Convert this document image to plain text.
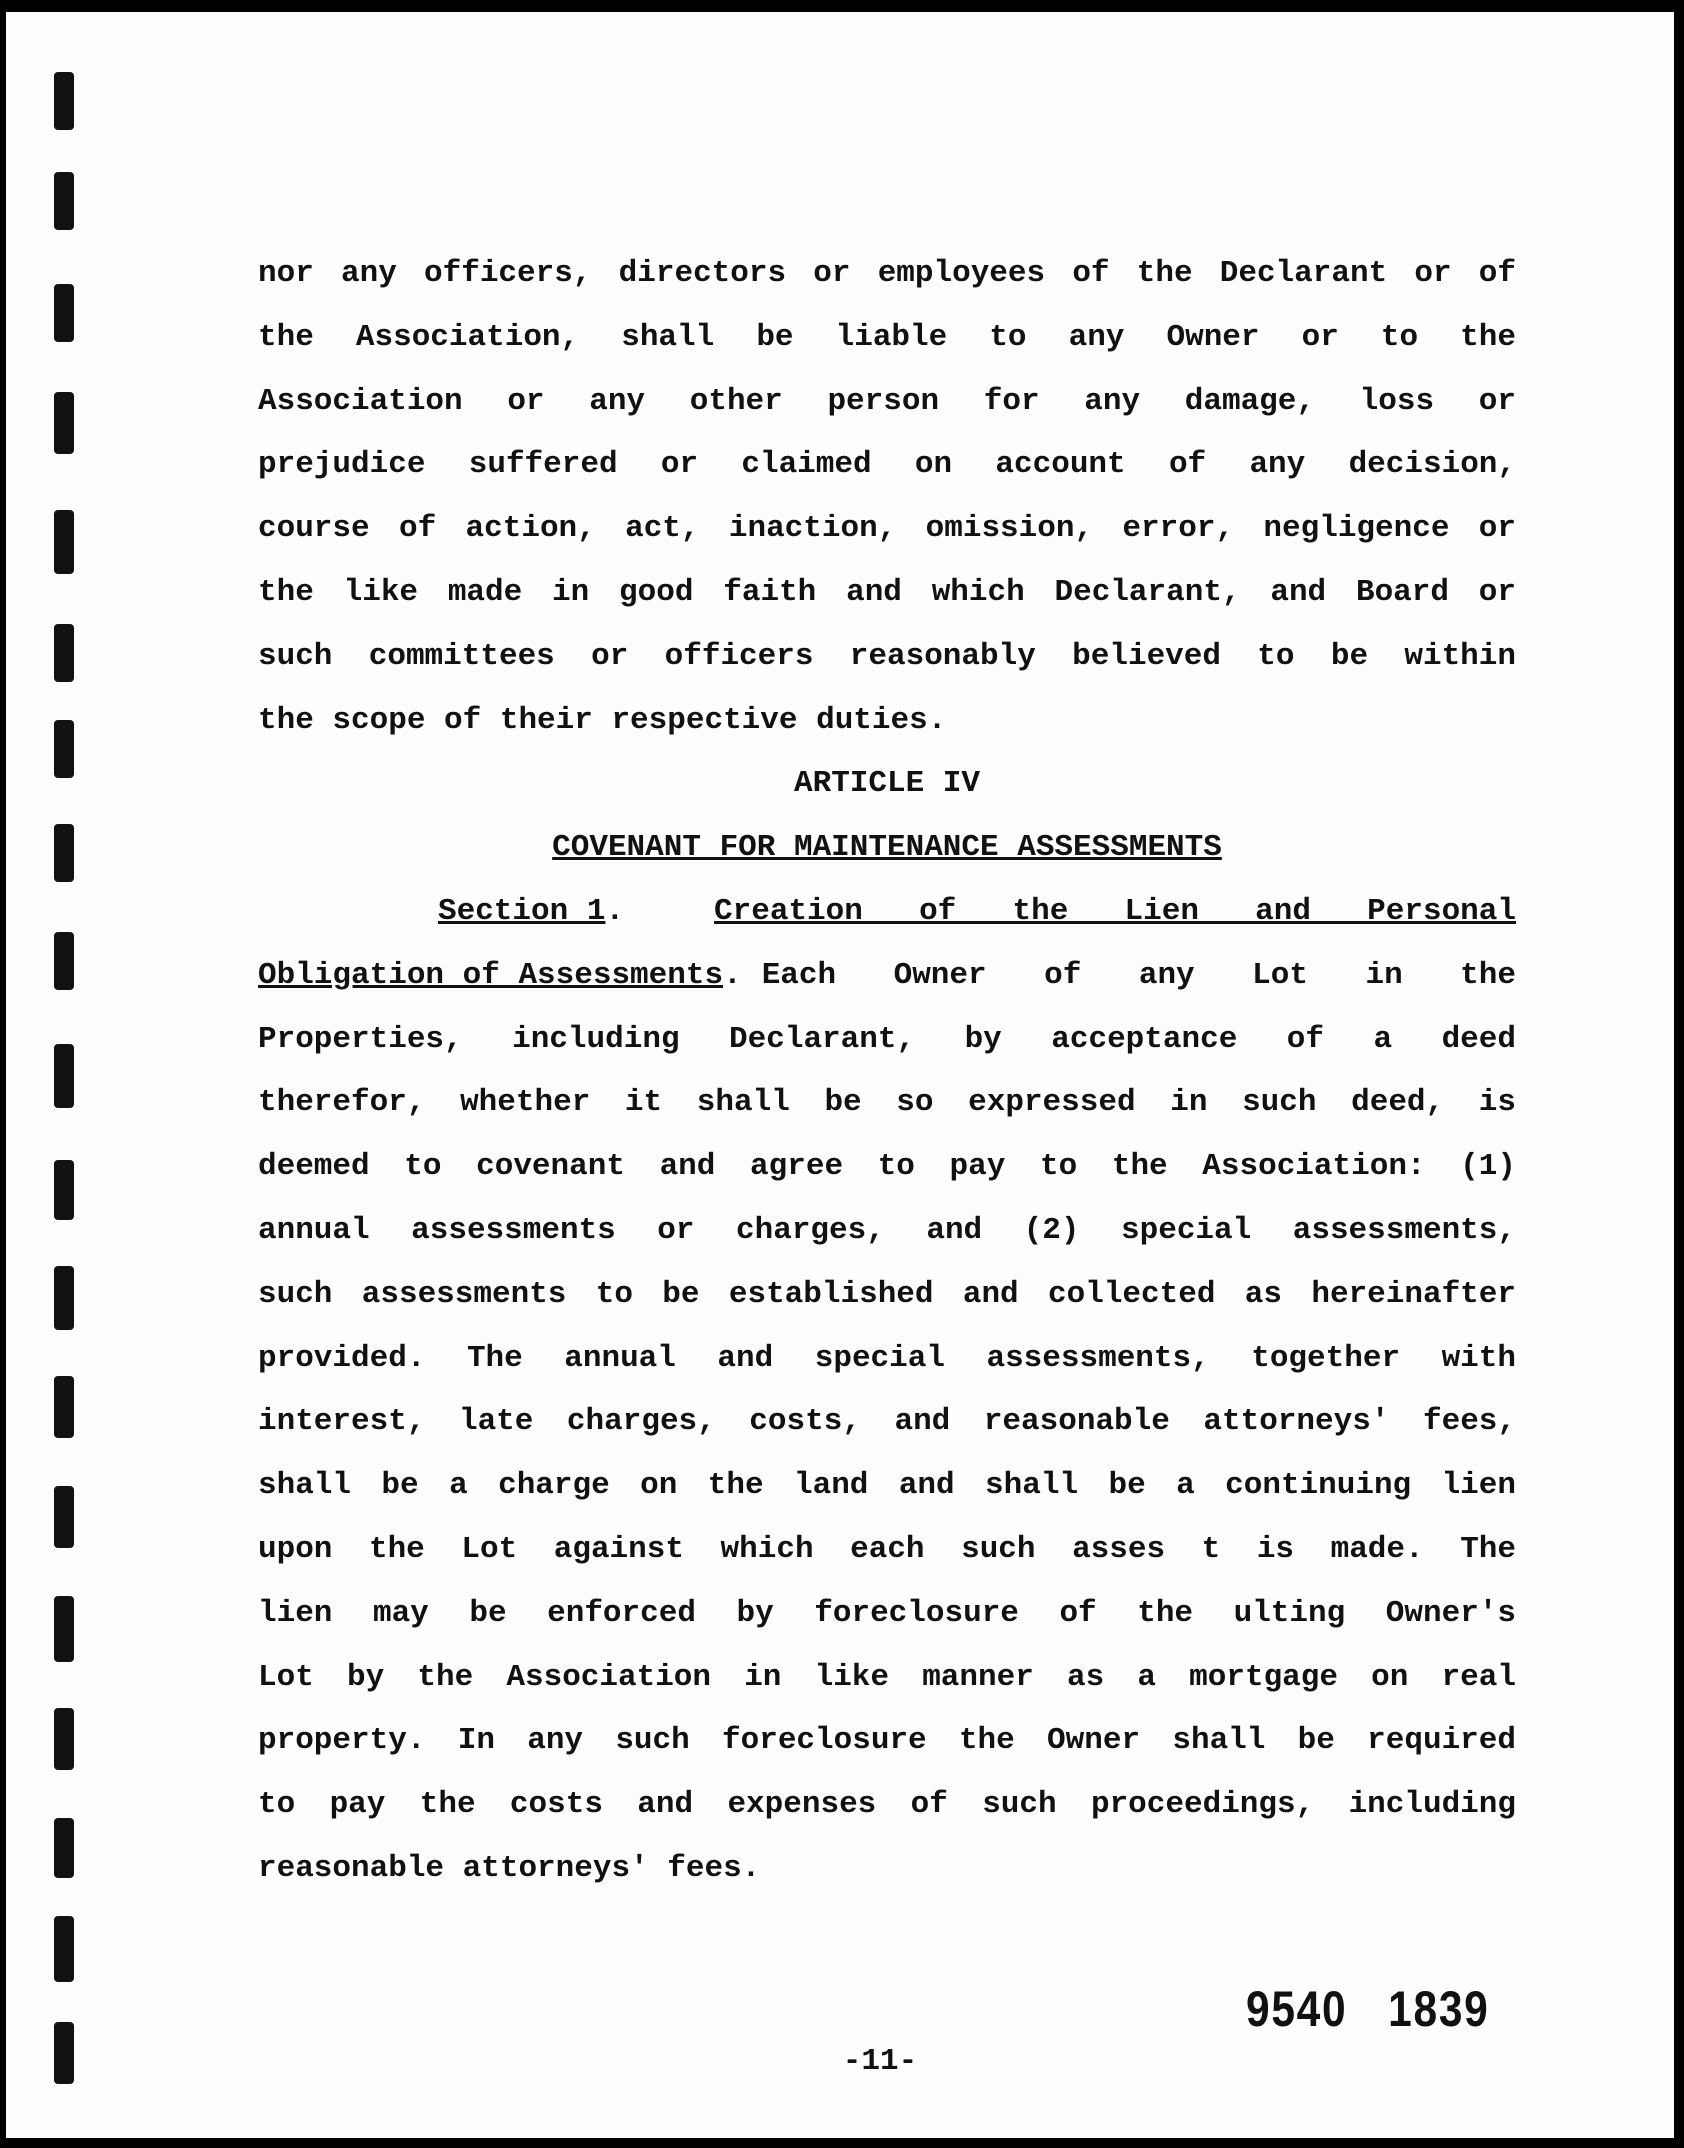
nor any officers, directors or employees of the Declarant or of
the Association, shall be liable to any Owner or to the
Association or any other person for any damage, loss or
prejudice suffered or claimed on account of any decision,
course of action, act, inaction, omission, error, negligence or
the like made in good faith and which Declarant, and Board or
such committees or officers reasonably believed to be within
the scope of their respective duties.
ARTICLE IV
COVENANT FOR MAINTENANCE ASSESSMENTS
Section 1 .	Creation of the Lien and Personal
Obligation of Assessments . Each Owner of any Lot in the
Properties, including Declarant, by acceptance of a deed
therefor, whether it shall be so expressed in such deed, is
deemed to covenant and agree to pay to the Association: (1)
annual assessments or charges, and (2) special assessments,
such assessments to be established and collected as hereinafter
provided. The annual and special assessments, together with
interest, late charges, costs, and reasonable attorneys' fees,
shall be a charge on the land and shall be a continuing lien
upon the Lot against which each such asses t is made. The
lien may be enforced by foreclosure of the ulting Owner's
Lot by the Association in like manner as a mortgage on real
property. In any such foreclosure the Owner shall be required
to pay the costs and expenses of such proceedings, including
reasonable attorneys' fees.
9540 1839
-11-
